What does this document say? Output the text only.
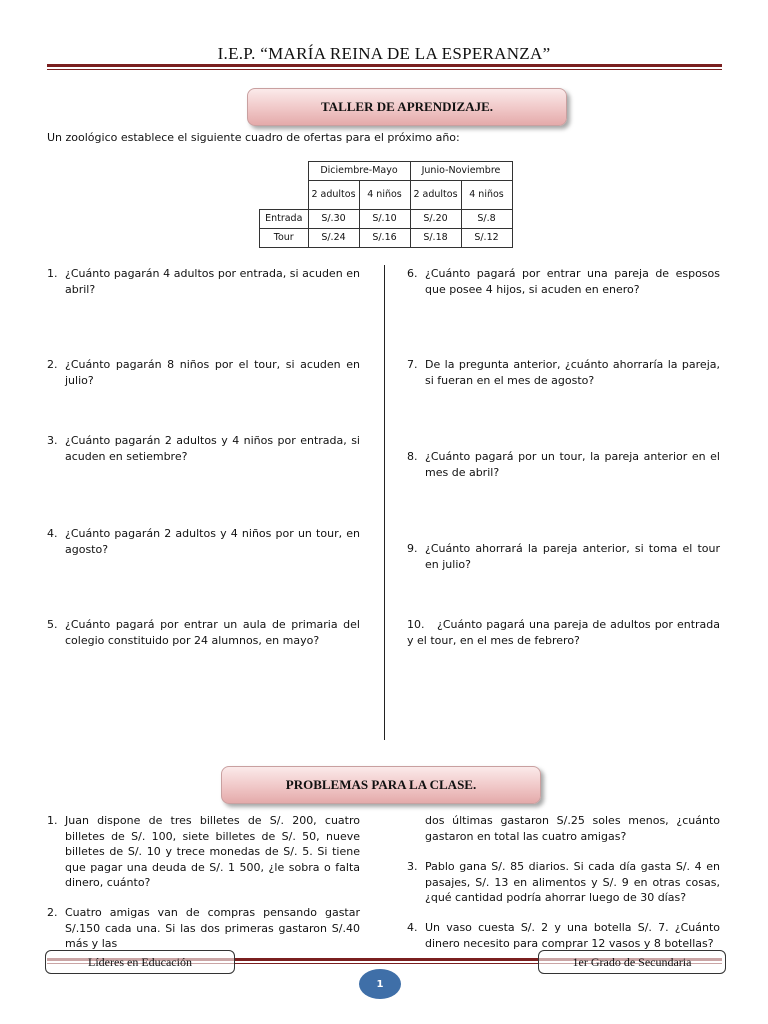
I.E.P. “MARÍA REINA DE LA ESPERANZA”
TALLER DE APRENDIZAJE.
Un zoológico establece el siguiente cuadro de ofertas para el próximo año:
	Diciembre-Mayo		Junio-Noviembre	
	2 adultos	4 niños	2 adultos	4 niños
Entrada	S/.30	S/.10	S/.20	S/.8
Tour	S/.24	S/.16	S/.18	S/.12
1. ¿Cuánto pagarán 4 adultos por entrada, si acuden en abril?
2. ¿Cuánto pagarán 8 niños por el tour, si acuden en julio?
3. ¿Cuánto pagarán 2 adultos y 4 niños por entrada, si acuden en setiembre?
4. ¿Cuánto pagarán 2 adultos y 4 niños por un tour, en agosto?
5. ¿Cuánto pagará por entrar un aula de primaria del colegio constituido por 24 alumnos, en mayo?
6. ¿Cuánto pagará por entrar una pareja de esposos que posee 4 hijos, si acuden en enero?
7. De la pregunta anterior, ¿cuánto ahorraría la pareja, si fueran en el mes de agosto?
8. ¿Cuánto pagará por un tour, la pareja anterior en el mes de abril?
9. ¿Cuánto ahorrará la pareja anterior, si toma el tour en julio?
10. ¿Cuánto pagará una pareja de adultos por entrada y el tour, en el mes de febrero?
PROBLEMAS PARA LA CLASE.
1. Juan dispone de tres billetes de S/. 200, cuatro billetes de S/. 100, siete billetes de S/. 50, nueve billetes de S/. 10 y trece monedas de S/. 5. Si tiene que pagar una deuda de S/. 1 500, ¿le sobra o falta dinero, cuánto?
2. Cuatro amigas van de compras pensando gastar S/.150 cada una. Si las dos primeras gastaron S/.40 más y las
dos últimas gastaron S/.25 soles menos, ¿cuánto gastaron en total las cuatro amigas?
3. Pablo gana S/. 85 diarios. Si cada día gasta S/. 4 en pasajes, S/. 13 en alimentos y S/. 9 en otras cosas, ¿qué cantidad podría ahorrar luego de 30 días?
4. Un vaso cuesta S/. 2 y una botella S/. 7. ¿Cuánto dinero necesito para comprar 12 vasos y 8 botellas?
Líderes en Educación	1er Grado de Secundaria
1
